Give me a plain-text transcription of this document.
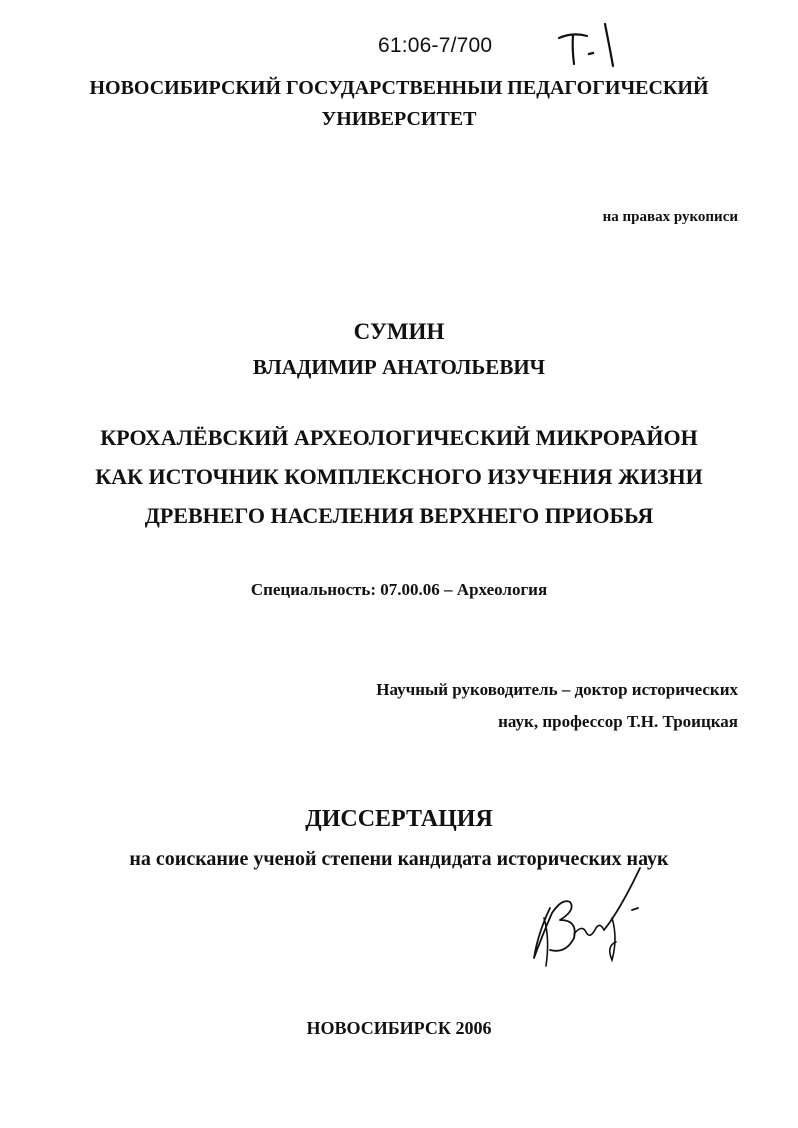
61:06-7/700
НОВОСИБИРСКИЙ ГОСУДАРСТВЕННЫИ ПЕДАГОГИЧЕСКИЙ
УНИВЕРСИТЕТ
на правах рукописи
СУМИН
ВЛАДИМИР АНАТОЛЬЕВИЧ
КРОХАЛЁВСКИЙ АРХЕОЛОГИЧЕСКИЙ МИКРОРАЙОН
КАК ИСТОЧНИК КОМПЛЕКСНОГО ИЗУЧЕНИЯ ЖИЗНИ
ДРЕВНЕГО НАСЕЛЕНИЯ ВЕРХНЕГО ПРИОБЬЯ
Специальность: 07.00.06 – Археология
Научный руководитель – доктор исторических
наук, профессор Т.Н. Троицкая
ДИССЕРТАЦИЯ
на соискание ученой степени кандидата исторических наук
НОВОСИБИРСК 2006
